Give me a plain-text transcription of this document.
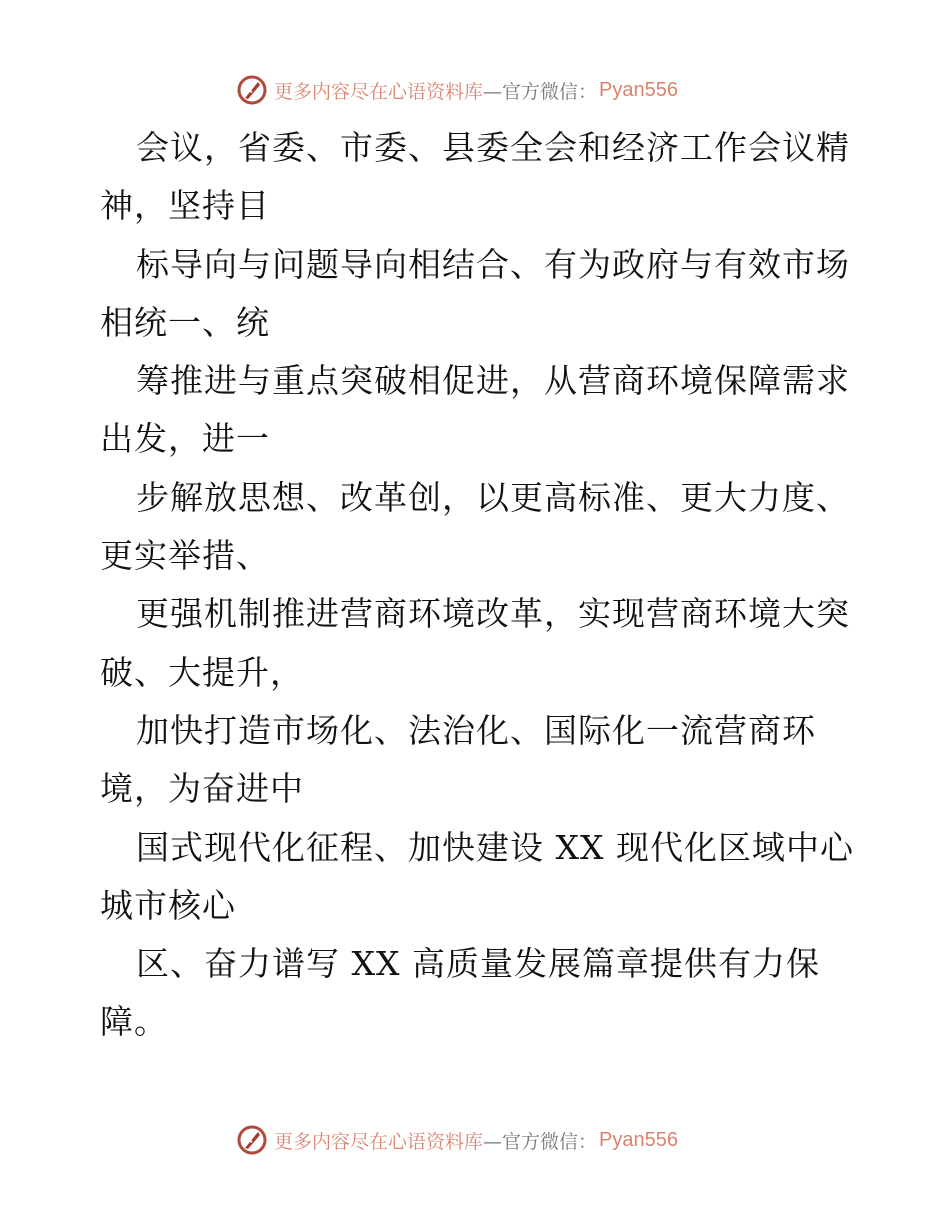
更多内容尽在心语资料库 —官方微信： Pyan556
会议，省委、市委、县委全会和经济工作会议精
神，坚持目
标导向与问题导向相结合、有为政府与有效市场
相统一、统
筹推进与重点突破相促进，从营商环境保障需求
出发，进一
步解放思想、改革创，以更高标准、更大力度、
更实举措、
更强机制推进营商环境改革，实现营商环境大突
破、大提升，
加快打造市场化、法治化、国际化一流营商环
境，为奋进中
国式现代化征程、加快建设 XX 现代化区域中心
城市核心
区、奋力谱写 XX 高质量发展篇章提供有力保
障。
更多内容尽在心语资料库 —官方微信： Pyan556
